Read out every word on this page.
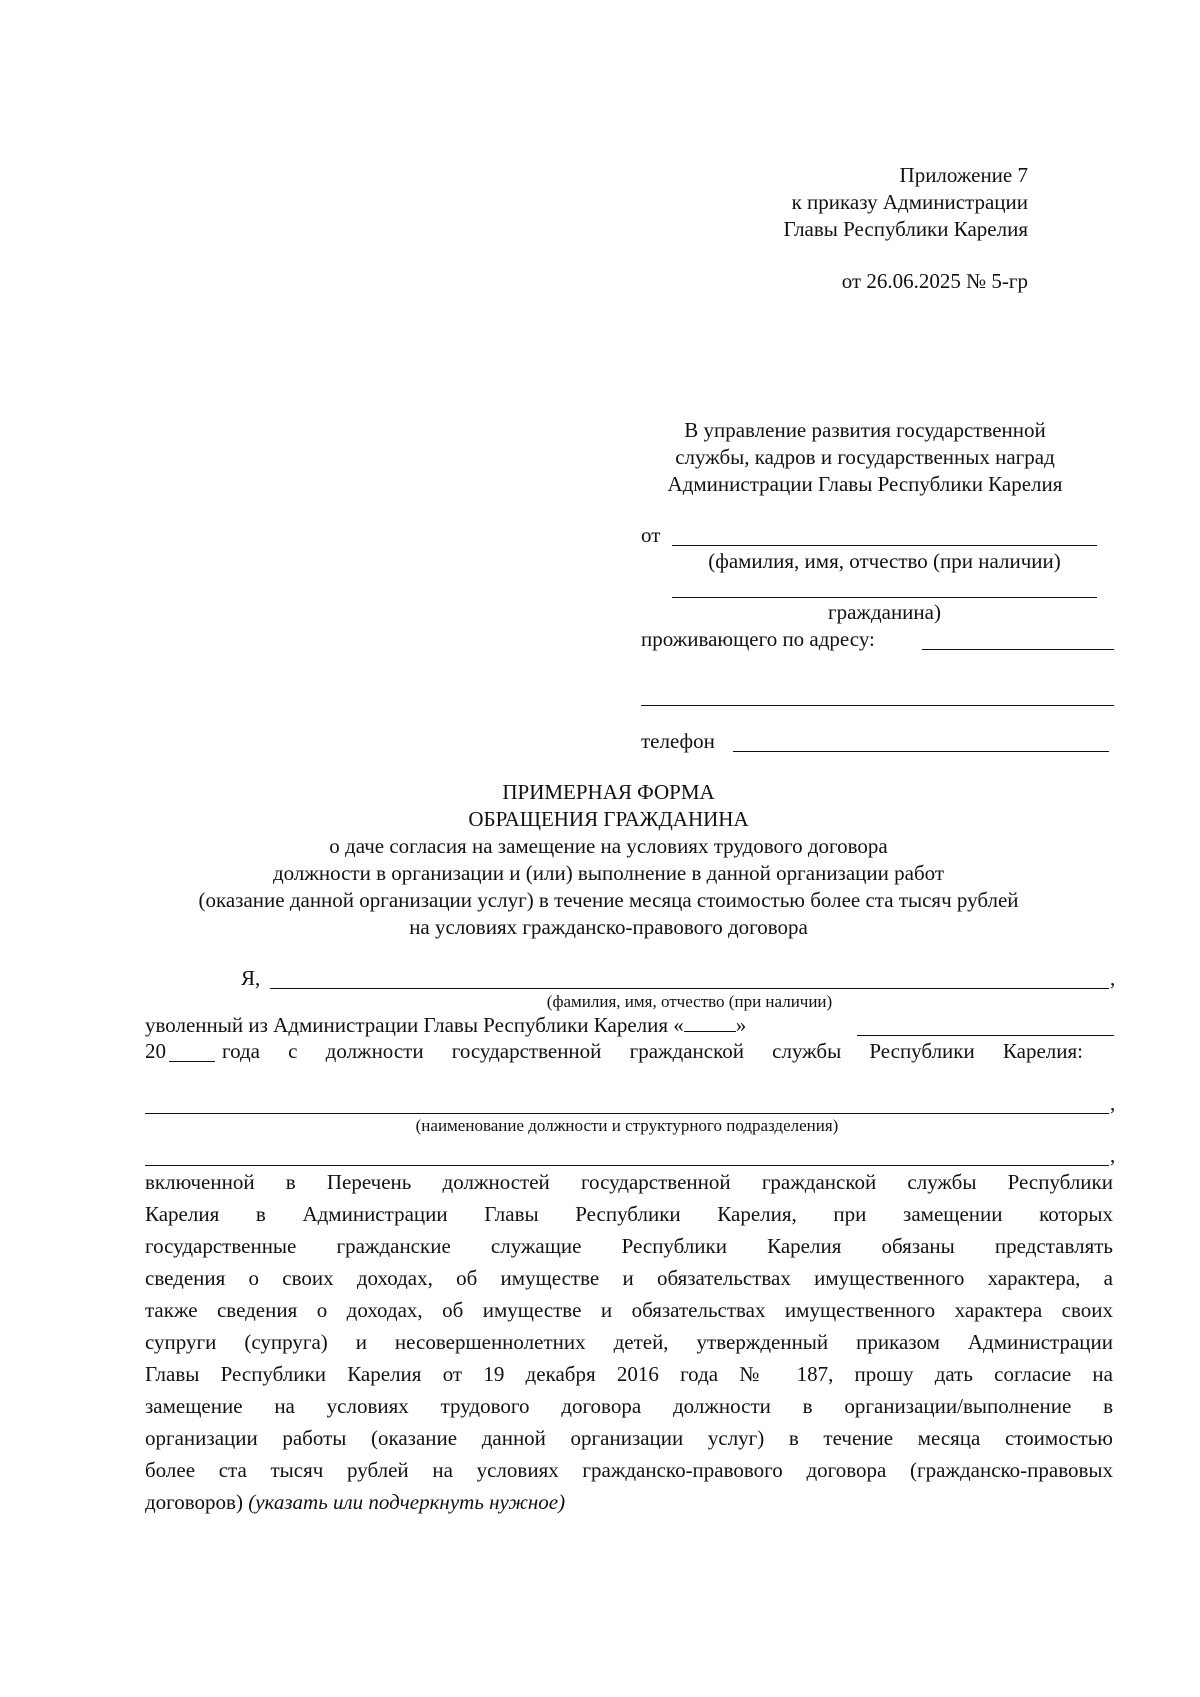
Приложение 7
к приказу Администрации
Главы Республики Карелия
от 26.06.2025 № 5-гр
В управление развития государственной
службы, кадров и государственных наград
Администрации Главы Республики Карелия
от
(фамилия, имя, отчество (при наличии)
гражданина)
проживающего по адресу:
телефон
ПРИМЕРНАЯ ФОРМА
ОБРАЩЕНИЯ ГРАЖДАНИНА
о даче согласия на замещение на условиях трудового договора
должности в организации и (или) выполнение в данной организации работ
(оказание данной организации услуг) в течение месяца стоимостью более ста тысяч рублей
на условиях гражданско-правового договора
Я,	,
(фамилия, имя, отчество (при наличии)
уволенный из Администрации Главы Республики Карелия « »
20	года с должности государственной гражданской службы Республики Карелия:
,
(наименование должности и структурного подразделения)
,
включенной в Перечень должностей государственной гражданской службы Республики
Карелия в Администрации Главы Республики Карелия, при замещении которых
государственные гражданские служащие Республики Карелия обязаны представлять
сведения о своих доходах, об имуществе и обязательствах имущественного характера, а
также сведения о доходах, об имуществе и обязательствах имущественного характера своих
супруги (супруга) и несовершеннолетних детей, утвержденный приказом Администрации
Главы Республики Карелия от 19 декабря 2016 года № 187, прошу дать согласие на
замещение на условиях трудового договора должности в организации/выполнение в
организации работы (оказание данной организации услуг) в течение месяца стоимостью
более ста тысяч рублей на условиях гражданско-правового договора (гражданско-правовых
договоров) (указать или подчеркнуть нужное)
